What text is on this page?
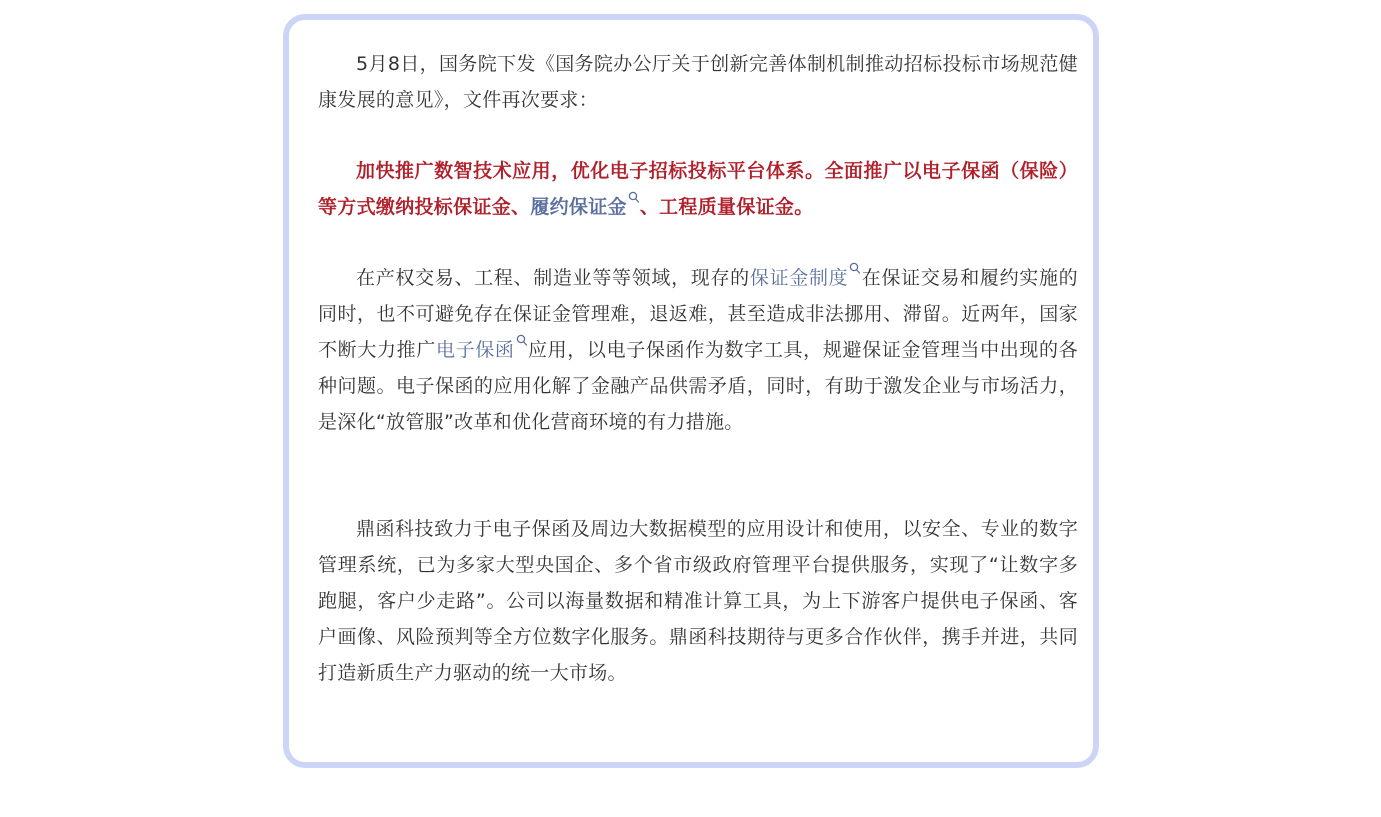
5月8日，国务院下发《国务院办公厅关于创新完善体制机制推动招标投标市场规范健康发展的意见》，文件再次要求：

加快推广数智技术应用，优化电子招标投标平台体系。全面推广以电子保函（保险）等方式缴纳投标保证金、履约保证金 、工程质量保证金。

在产权交易、工程、制造业等等领域，现存的保证金制度 在保证交易和履约实施的同时，也不可避免存在保证金管理难，退返难，甚至造成非法挪用、滞留。近两年，国家不断大力推广电子保函 应用，以电子保函作为数字工具，规避保证金管理当中出现的各种问题。电子保函的应用化解了金融产品供需矛盾，同时，有助于激发企业与市场活力，是深化“放管服”改革和优化营商环境的有力措施。

鼎函科技致力于电子保函及周边大数据模型的应用设计和使用，以安全、专业的数字管理系统，已为多家大型央国企、多个省市级政府管理平台提供服务，实现了“让数字多跑腿，客户少走路”。公司以海量数据和精准计算工具，为上下游客户提供电子保函、客户画像、风险预判等全方位数字化服务。鼎函科技期待与更多合作伙伴，携手并进，共同打造新质生产力驱动的统一大市场。
